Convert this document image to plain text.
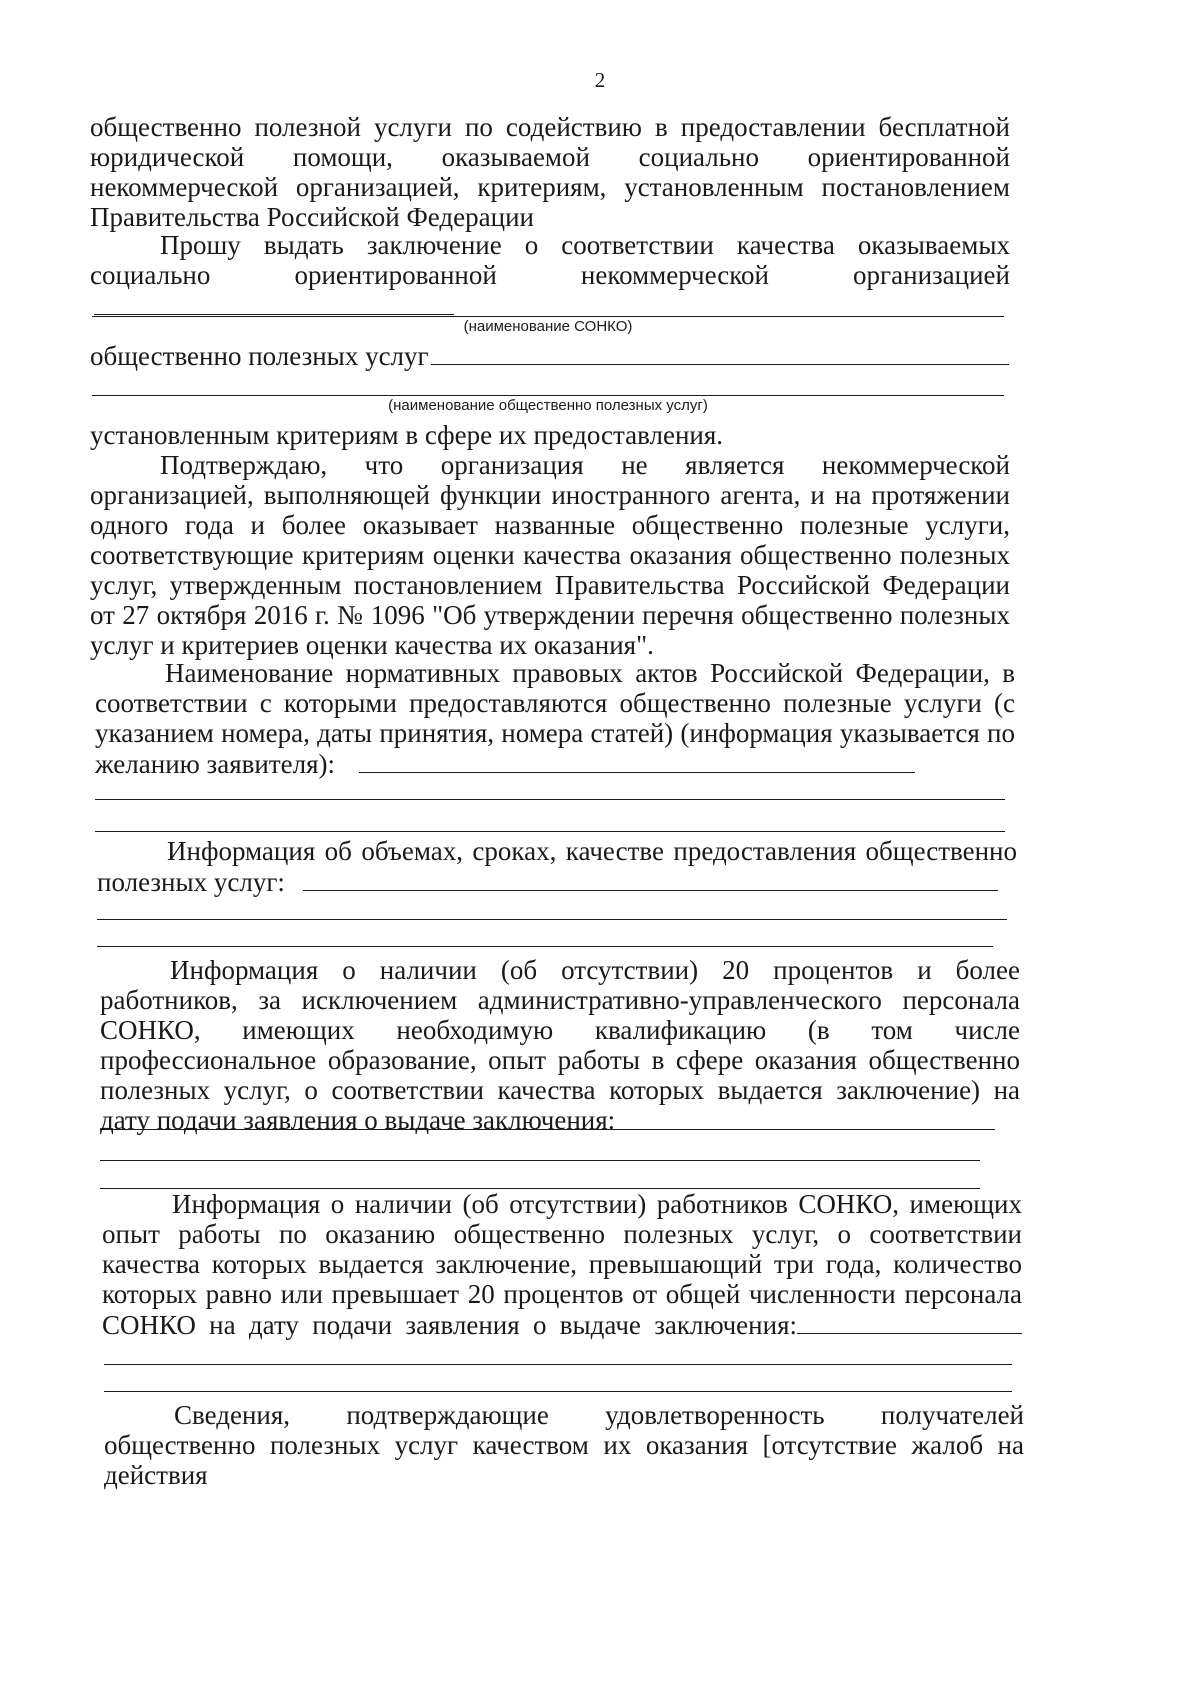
2

общественно полезной услуги по содействию в предоставлении бесплатной юридической помощи, оказываемой социально ориентированной некоммерческой организацией, критериям, установленным постановлением Правительства Российской Федерации

Прошу выдать заключение о соответствии качества оказываемых социально ориентированной некоммерческой организацией

(наименование СОНКО)

общественно полезных услуг

(наименование общественно полезных услуг)

установленным критериям в сфере их предоставления.

Подтверждаю, что организация не является некоммерческой организацией, выполняющей функции иностранного агента, и на протяжении одного года и более оказывает названные общественно полезные услуги, соответствующие критериям оценки качества оказания общественно полезных услуг, утвержденным постановлением Правительства Российской Федерации от 27 октября 2016 г. № 1096 "Об утверждении перечня общественно полезных услуг и критериев оценки качества их оказания".

Наименование нормативных правовых актов Российской Федерации, в соответствии с которыми предоставляются общественно полезные услуги (с указанием номера, даты принятия, номера статей) (информация указывается по желанию заявителя):

Информация об объемах, сроках, качестве предоставления общественно полезных услуг:

Информация о наличии (об отсутствии) 20 процентов и более работников, за исключением административно-управленческого персонала СОНКО, имеющих необходимую квалификацию (в том числе профессиональное образование, опыт работы в сфере оказания общественно полезных услуг, о соответствии качества которых выдается заключение) на дату подачи заявления о выдаче заключения:

Информация о наличии (об отсутствии) работников СОНКО, имеющих опыт работы по оказанию общественно полезных услуг, о соответствии качества которых выдается заключение, превышающий три года, количество которых равно или превышает 20 процентов от общей численности персонала СОНКО на дату подачи заявления о выдаче заключения:

Сведения, подтверждающие удовлетворенность получателей общественно полезных услуг качеством их оказания [отсутствие жалоб на действия
